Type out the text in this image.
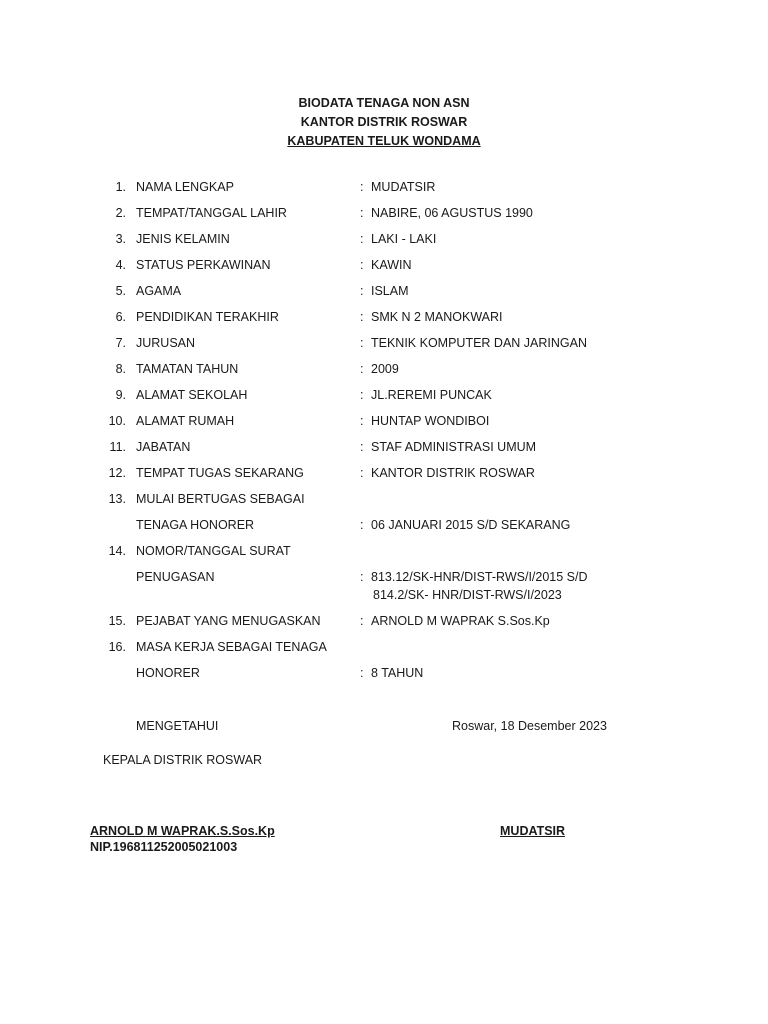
BIODATA TENAGA NON ASN
KANTOR DISTRIK ROSWAR
KABUPATEN TELUK WONDAMA
1. NAMA LENGKAP	: MUDATSIR
2. TEMPAT/TANGGAL LAHIR	: NABIRE, 06 AGUSTUS 1990
3. JENIS KELAMIN	: LAKI - LAKI
4. STATUS PERKAWINAN	: KAWIN
5. AGAMA	: ISLAM
6. PENDIDIKAN TERAKHIR	: SMK N 2 MANOKWARI
7. JURUSAN	: TEKNIK KOMPUTER DAN JARINGAN
8. TAMATAN TAHUN	: 2009
9. ALAMAT SEKOLAH	: JL.REREMI PUNCAK
10. ALAMAT RUMAH	: HUNTAP WONDIBOI
11. JABATAN	: STAF ADMINISTRASI UMUM
12. TEMPAT TUGAS SEKARANG	: KANTOR DISTRIK ROSWAR
13. MULAI BERTUGAS SEBAGAI
TENAGA HONORER	: 06 JANUARI 2015 S/D SEKARANG
14. NOMOR/TANGGAL SURAT
PENUGASAN	: 813.12/SK-HNR/DIST-RWS/I/2015 S/D
814.2/SK- HNR/DIST-RWS/I/2023
15. PEJABAT YANG MENUGASKAN	: ARNOLD M WAPRAK S.Sos.Kp
16. MASA KERJA SEBAGAI TENAGA
HONORER	: 8 TAHUN
MENGETAHUI	Roswar, 18 Desember 2023
KEPALA DISTRIK ROSWAR
ARNOLD M WAPRAK.S.Sos.Kp
NIP.196811252005021003
MUDATSIR
